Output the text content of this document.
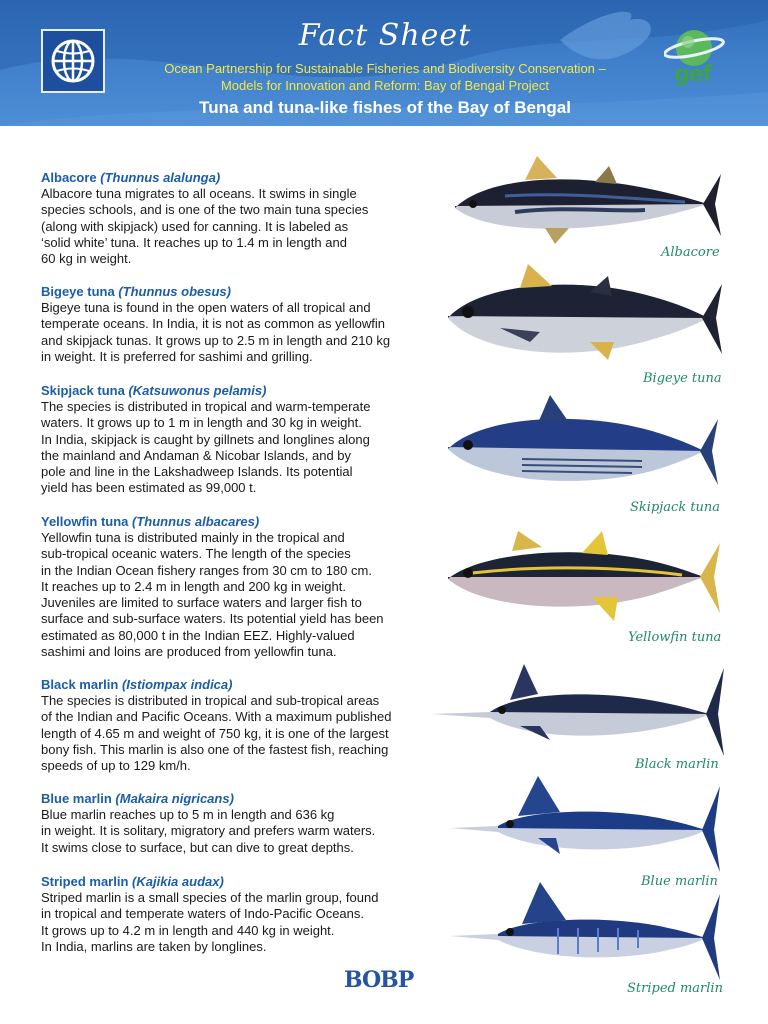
Fact Sheet
Ocean Partnership for Sustainable Fisheries and Biodiversity Conservation –
Models for Innovation and Reform: Bay of Bengal Project
Tuna and tuna-like fishes of the Bay of Bengal
gef

Albacore (Thunnus alalunga)

Albacore tuna migrates to all oceans. It swims in single
species schools, and is one of the two main tuna species
(along with skipjack) used for canning. It is labeled as
‘solid white’ tuna. It reaches up to 1.4 m in length and
60 kg in weight.

Bigeye tuna (Thunnus obesus)

Bigeye tuna is found in the open waters of all tropical and
temperate oceans. In India, it is not as common as yellowfin
and skipjack tunas. It grows up to 2.5 m in length and 210 kg
in weight. It is preferred for sashimi and grilling.

Skipjack tuna (Katsuwonus pelamis)

The species is distributed in tropical and warm-temperate
waters. It grows up to 1 m in length and 30 kg in weight.
In India, skipjack is caught by gillnets and longlines along
the mainland and Andaman & Nicobar Islands, and by
pole and line in the Lakshadweep Islands. Its potential
yield has been estimated as 99,000 t.

Yellowfin tuna (Thunnus albacares)

Yellowfin tuna is distributed mainly in the tropical and
sub-tropical oceanic waters. The length of the species
in the Indian Ocean fishery ranges from 30 cm to 180 cm.
It reaches up to 2.4 m in length and 200 kg in weight.
Juveniles are limited to surface waters and larger fish to
surface and sub-surface waters. Its potential yield has been
estimated as 80,000 t in the Indian EEZ. Highly-valued
sashimi and loins are produced from yellowfin tuna.

Black marlin (Istiompax indica)

The species is distributed in tropical and sub-tropical areas
of the Indian and Pacific Oceans. With a maximum published
length of 4.65 m and weight of 750 kg, it is one of the largest
bony fish. This marlin is also one of the fastest fish, reaching
speeds of up to 129 km/h.

Blue marlin (Makaira nigricans)

Blue marlin reaches up to 5 m in length and 636 kg
in weight. It is solitary, migratory and prefers warm waters.
It swims close to surface, but can dive to great depths.

Striped marlin (Kajikia audax)

Striped marlin is a small species of the marlin group, found
in tropical and temperate waters of Indo-Pacific Oceans.
It grows up to 4.2 m in length and 440 kg in weight.
In India, marlins are taken by longlines.

Albacore
Bigeye tuna
Skipjack tuna
Yellowfin tuna
Black marlin
Blue marlin
Striped marlin
BOBP
